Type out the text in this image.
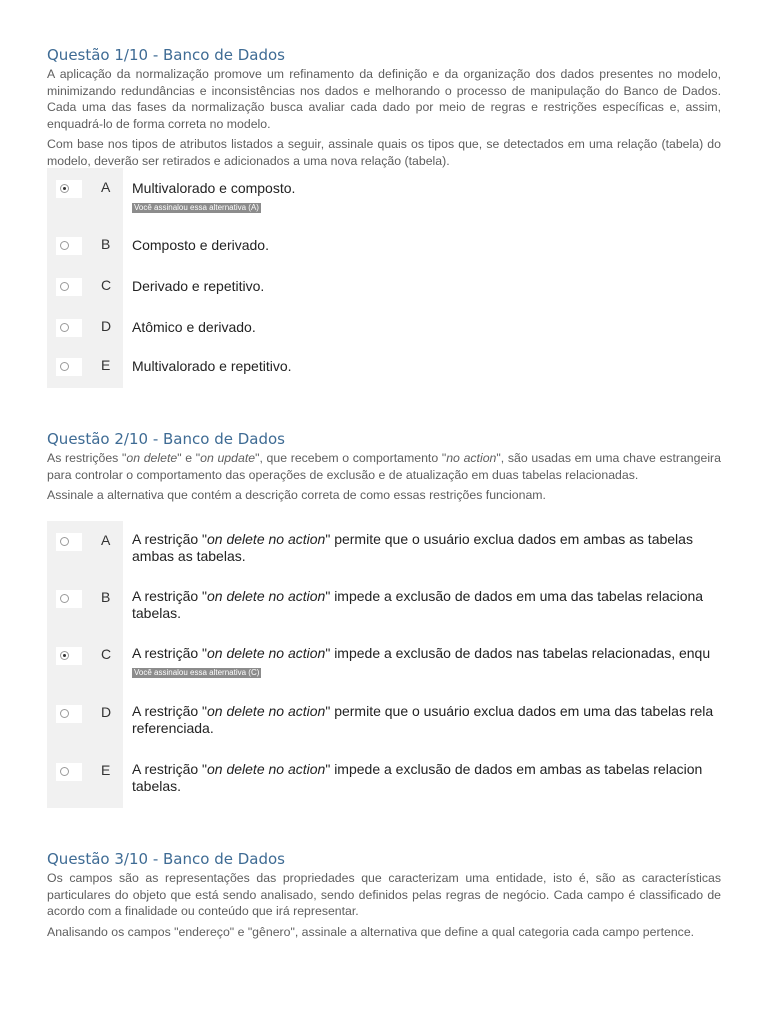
Questão 1/10 - Banco de Dados

A aplicação da normalização promove um refinamento da definição e da organização dos dados presentes no modelo, minimizando redundâncias e inconsistências nos dados e melhorando o processo de manipulação do Banco de Dados. Cada uma das fases da normalização busca avaliar cada dado por meio de regras e restrições específicas e, assim, enquadrá-lo de forma correta no modelo.

Com base nos tipos de atributos listados a seguir, assinale quais os tipos que, se detectados em uma relação (tabela) do modelo, deverão ser retirados e adicionados a uma nova relação (tabela).

A Multivalorado e composto.
Você assinalou essa alternativa (A)
B Composto e derivado.
C Derivado e repetitivo.
D Atômico e derivado.
E Multivalorado e repetitivo.
Questão 2/10 - Banco de Dados

As restrições "on delete" e "on update", que recebem o comportamento "no action", são usadas em uma chave estrangeira para controlar o comportamento das operações de exclusão e de atualização em duas tabelas relacionadas.

Assinale a alternativa que contém a descrição correta de como essas restrições funcionam.

A A restrição "on delete no action" permite que o usuário exclua dados em ambas as tabelas
ambas as tabelas.
B A restrição "on delete no action" impede a exclusão de dados em uma das tabelas relaciona
tabelas.
C A restrição "on delete no action" impede a exclusão de dados nas tabelas relacionadas, enqu
Você assinalou essa alternativa (C)
D A restrição "on delete no action" permite que o usuário exclua dados em uma das tabelas rela
referenciada.
E A restrição "on delete no action" impede a exclusão de dados em ambas as tabelas relacion
tabelas.
Questão 3/10 - Banco de Dados

Os campos são as representações das propriedades que caracterizam uma entidade, isto é, são as características particulares do objeto que está sendo analisado, sendo definidos pelas regras de negócio. Cada campo é classificado de acordo com a finalidade ou conteúdo que irá representar.

Analisando os campos "endereço" e "gênero", assinale a alternativa que define a qual categoria cada campo pertence.
